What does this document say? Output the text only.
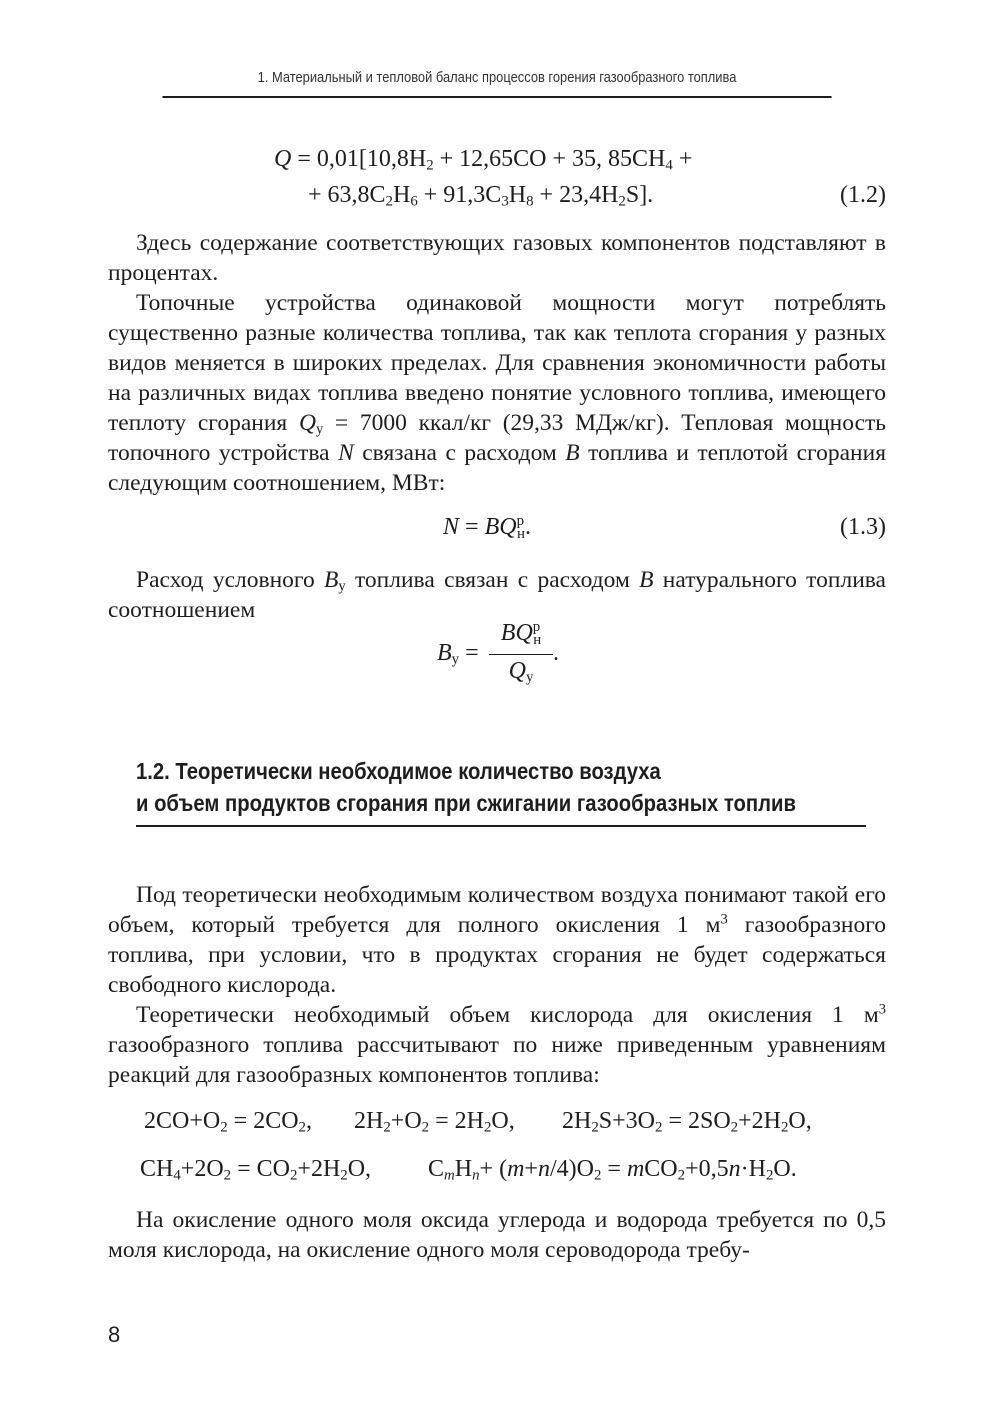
1. Материальный и тепловой баланс процессов горения газообразного топлива
$Q = 0,01[10,8H_2 + 12,65CO + 35$, $85CH_4$ +
+ $63,8C_2H_6 + 91,3C_3H_8 + 23,4H_2S$].	(1.2)
Здесь содержание соответствующих газовых компонентов подставляют в процентах.
Топочные устройства одинаковой мощности могут потреблять существенно разные количества топлива, так как теплота сгорания у разных видов меняется в широких пределах. Для сравнения экономичности работы на различных видах топлива введено понятие условного топлива, имеющего теплоту сгорания $Q_у = 7000$ ккал/кг (29,33 МДж/кг). Тепловая мощность топочного устройства N связана с расходом B топлива и теплотой сгорания следующим соотношением, МВт:
$N = BQ^р_н$.	(1.3)
Расход условного $B_у$ топлива связан с расходом B натурального топлива соотношением
$B_у$ =
$BQ^р_н$
$Q_у$
.
1.2. Теоретически необходимое количество воздуха
и объем продуктов сгорания при сжигании газообразных топлив
Под теоретически необходимым количеством воздуха понимают такой его объем, который требуется для полного окисления 1 $м^3$ газообразного топлива, при условии, что в продуктах сгорания не будет содержаться свободного кислорода.
Теоретически необходимый объем кислорода для окисления 1 $м^3$ газообразного топлива рассчитывают по ниже приведенным уравнениям реакций для газообразных компонентов топлива:
$2CO+O_2 = 2CO_2$, $2H_2+O_2 = 2H_2O$, $2H_2S+3O_2 = 2SO_2+2H_2O$,
$CH_4+2O_2 = CO_2+2H_2O$, $C_mH_n+ (m+n/4)O_2 = mCO_2+0,5n\cdot H_2O$.
На окисление одного моля оксида углерода и водорода требуется по 0,5 моля кислорода, на окисление одного моля сероводорода требу-
8
